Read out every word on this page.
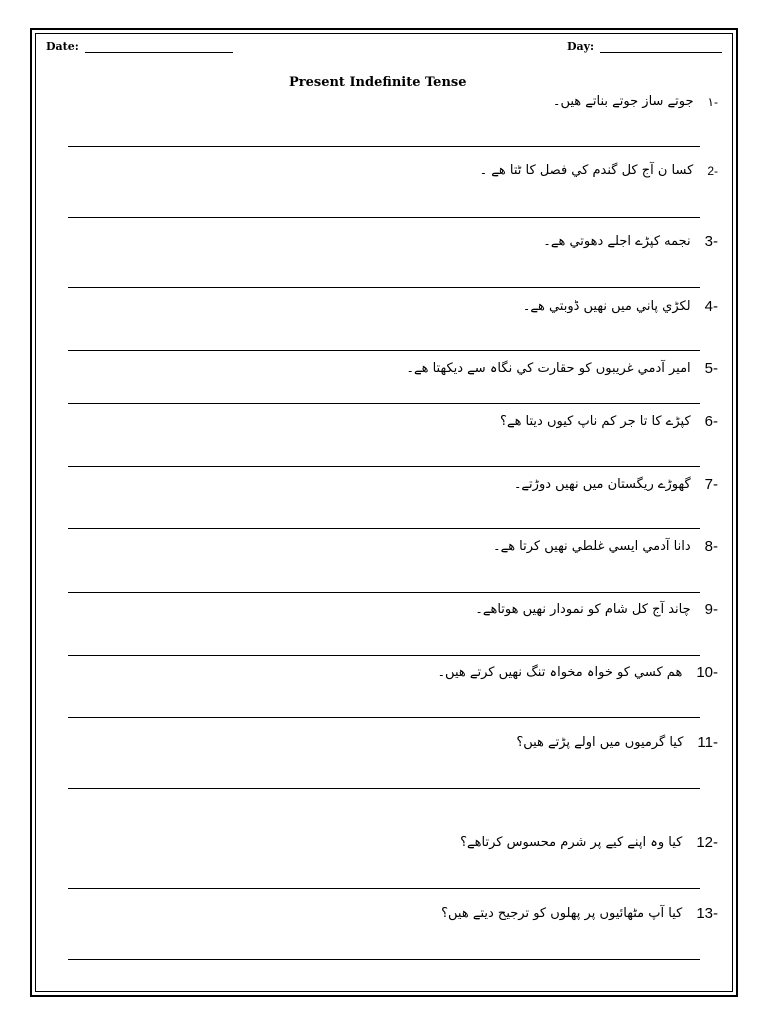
Date:	Day:
Present Indefinite Tense
-١
جوتے ساز جوتے بناتے ھیں۔
-2
کسا ن آج کل گندم کي فصل کا ٹتا ھے ۔
-3
نجمه کپڑے اجلے دھوتي ھے۔
-4
لکڑي پاني میں نھیں ڈوبتي ھے۔
-5
امیر آدمي غریبوں کو حقارت کي نگاہ سے دیکھتا ھے۔
-6
کپڑے کا تا جر کم ناپ کیوں دیتا ھے؟
-7
گھوڑے ریگستان میں نھیں دوڑتے۔
-8
دانا آدمي ایسي غلطي نھیں کرتا ھے۔
-9
چاند آج کل شام کو نمودار نھیں ھوتاھے۔
-10
ھم کسي کو خواہ مخواہ تنگ نھیں کرتے ھیں۔
-11
کیا گرمیوں میں اولے پڑتے ھیں؟
-12
کیا وہ اپنے کیے پر شرم محسوس کرتاھے؟
-13
کیا آپ مٹھائیوں پر پھلوں کو ترجیح دیتے ھیں؟
